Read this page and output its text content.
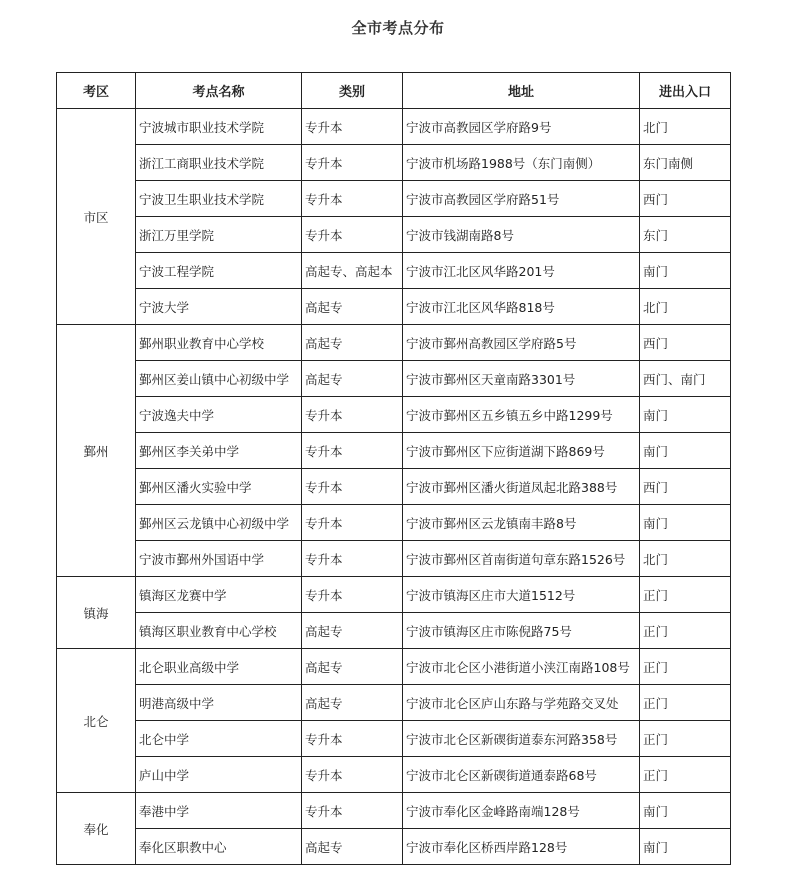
全市考点分布
考区	考点名称	类别	地址	进出入口
市区	宁波城市职业技术学院	专升本	宁波市高教园区学府路9号	北门
	浙江工商职业技术学院	专升本	宁波市机场路1988号（东门南侧）	东门南侧
	宁波卫生职业技术学院	专升本	宁波市高教园区学府路51号	西门
	浙江万里学院	专升本	宁波市钱湖南路8号	东门
	宁波工程学院	高起专、高起本	宁波市江北区风华路201号	南门
	宁波大学	高起专	宁波市江北区风华路818号	北门
鄞州	鄞州职业教育中心学校	高起专	宁波市鄞州高教园区学府路5号	西门
	鄞州区姜山镇中心初级中学	高起专	宁波市鄞州区天童南路3301号	西门、南门
	宁波逸夫中学	专升本	宁波市鄞州区五乡镇五乡中路1299号	南门
	鄞州区李关弟中学	专升本	宁波市鄞州区下应街道湖下路869号	南门
	鄞州区潘火实验中学	专升本	宁波市鄞州区潘火街道凤起北路388号	西门
	鄞州区云龙镇中心初级中学	专升本	宁波市鄞州区云龙镇南丰路8号	南门
	宁波市鄞州外国语中学	专升本	宁波市鄞州区首南街道句章东路1526号	北门
镇海	镇海区龙赛中学	专升本	宁波市镇海区庄市大道1512号	正门
	镇海区职业教育中心学校	高起专	宁波市镇海区庄市陈倪路75号	正门
北仑	北仑职业高级中学	高起专	宁波市北仑区小港街道小浃江南路108号	正门
	明港高级中学	高起专	宁波市北仑区庐山东路与学苑路交叉处	正门
	北仑中学	专升本	宁波市北仑区新碶街道泰东河路358号	正门
	庐山中学	专升本	宁波市北仑区新碶街道通泰路68号	正门
奉化	奉港中学	专升本	宁波市奉化区金峰路南端128号	南门
	奉化区职教中心	高起专	宁波市奉化区桥西岸路128号	南门
